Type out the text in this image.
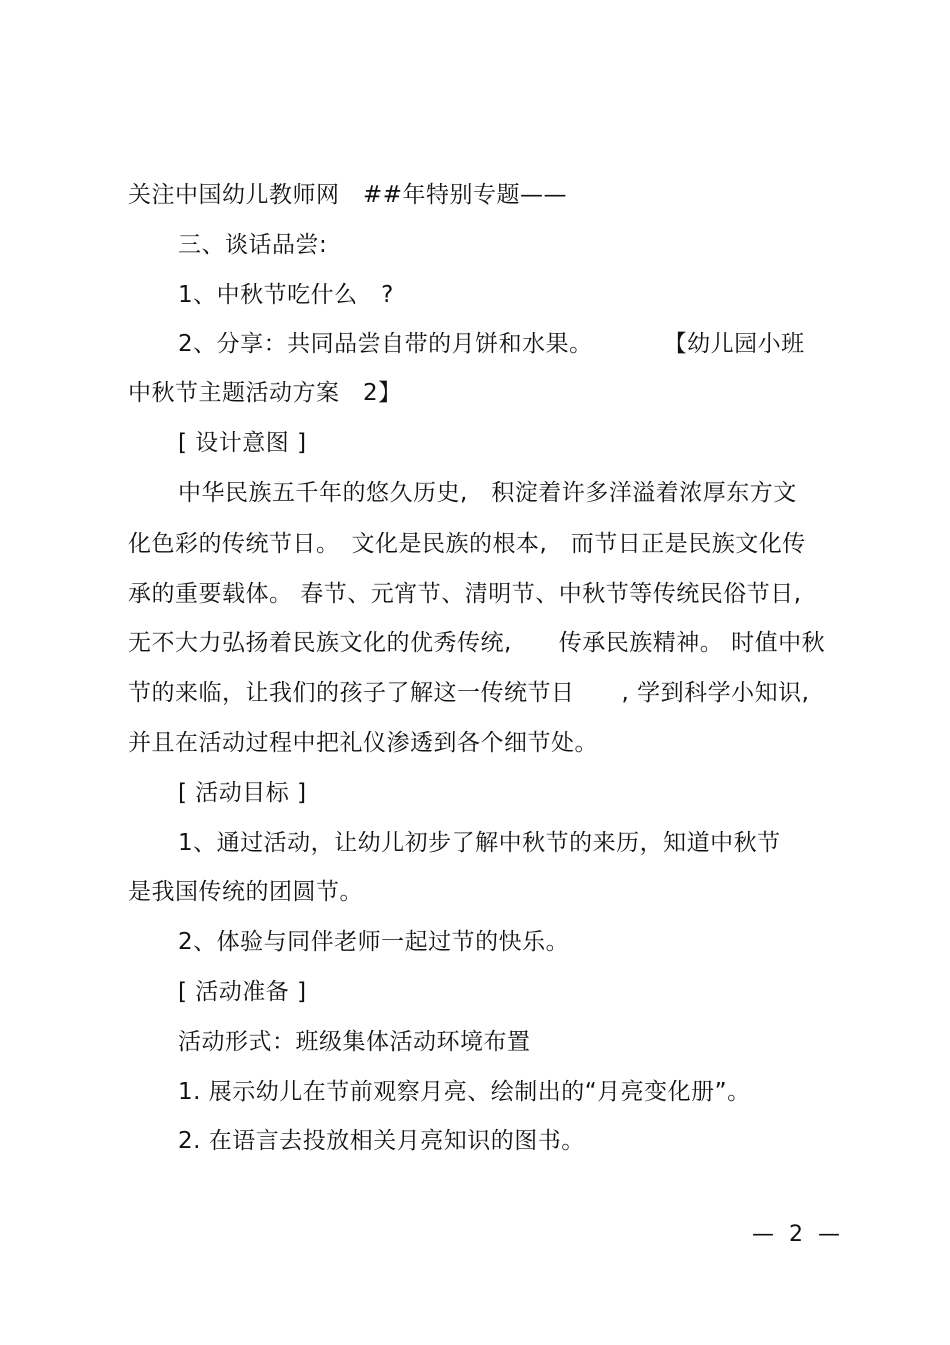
关注中国幼儿教师网　##年特别专题——
三、谈话品尝:
1、中秋节吃什么　?
2、分享：共同品尝自带的月饼和水果。　　　　【幼儿园小班
中秋节主题活动方案　2】
[ 设计意图 ]
中华民族五千年的悠久历史,　积淀着许多洋溢着浓厚东方文
化色彩的传统节日。　文化是民族的根本,　而节日正是民族文化传
承的重要载体。 春节、元宵节、清明节、中秋节等传统民俗节日,
无不大力弘扬着民族文化的优秀传统,　　传承民族精神。 时值中秋
节的来临，让我们的孩子了解这一传统节日　　, 学到科学小知识,
并且在活动过程中把礼仪渗透到各个细节处。
[ 活动目标 ]
1、通过活动，让幼儿初步了解中秋节的来历，知道中秋节
是我国传统的团圆节。
2、体验与同伴老师一起过节的快乐。
[ 活动准备 ]
活动形式：班级集体活动环境布置
1. 展示幼儿在节前观察月亮、绘制出的“月亮变化册”。
2. 在语言去投放相关月亮知识的图书。
— 2 —
